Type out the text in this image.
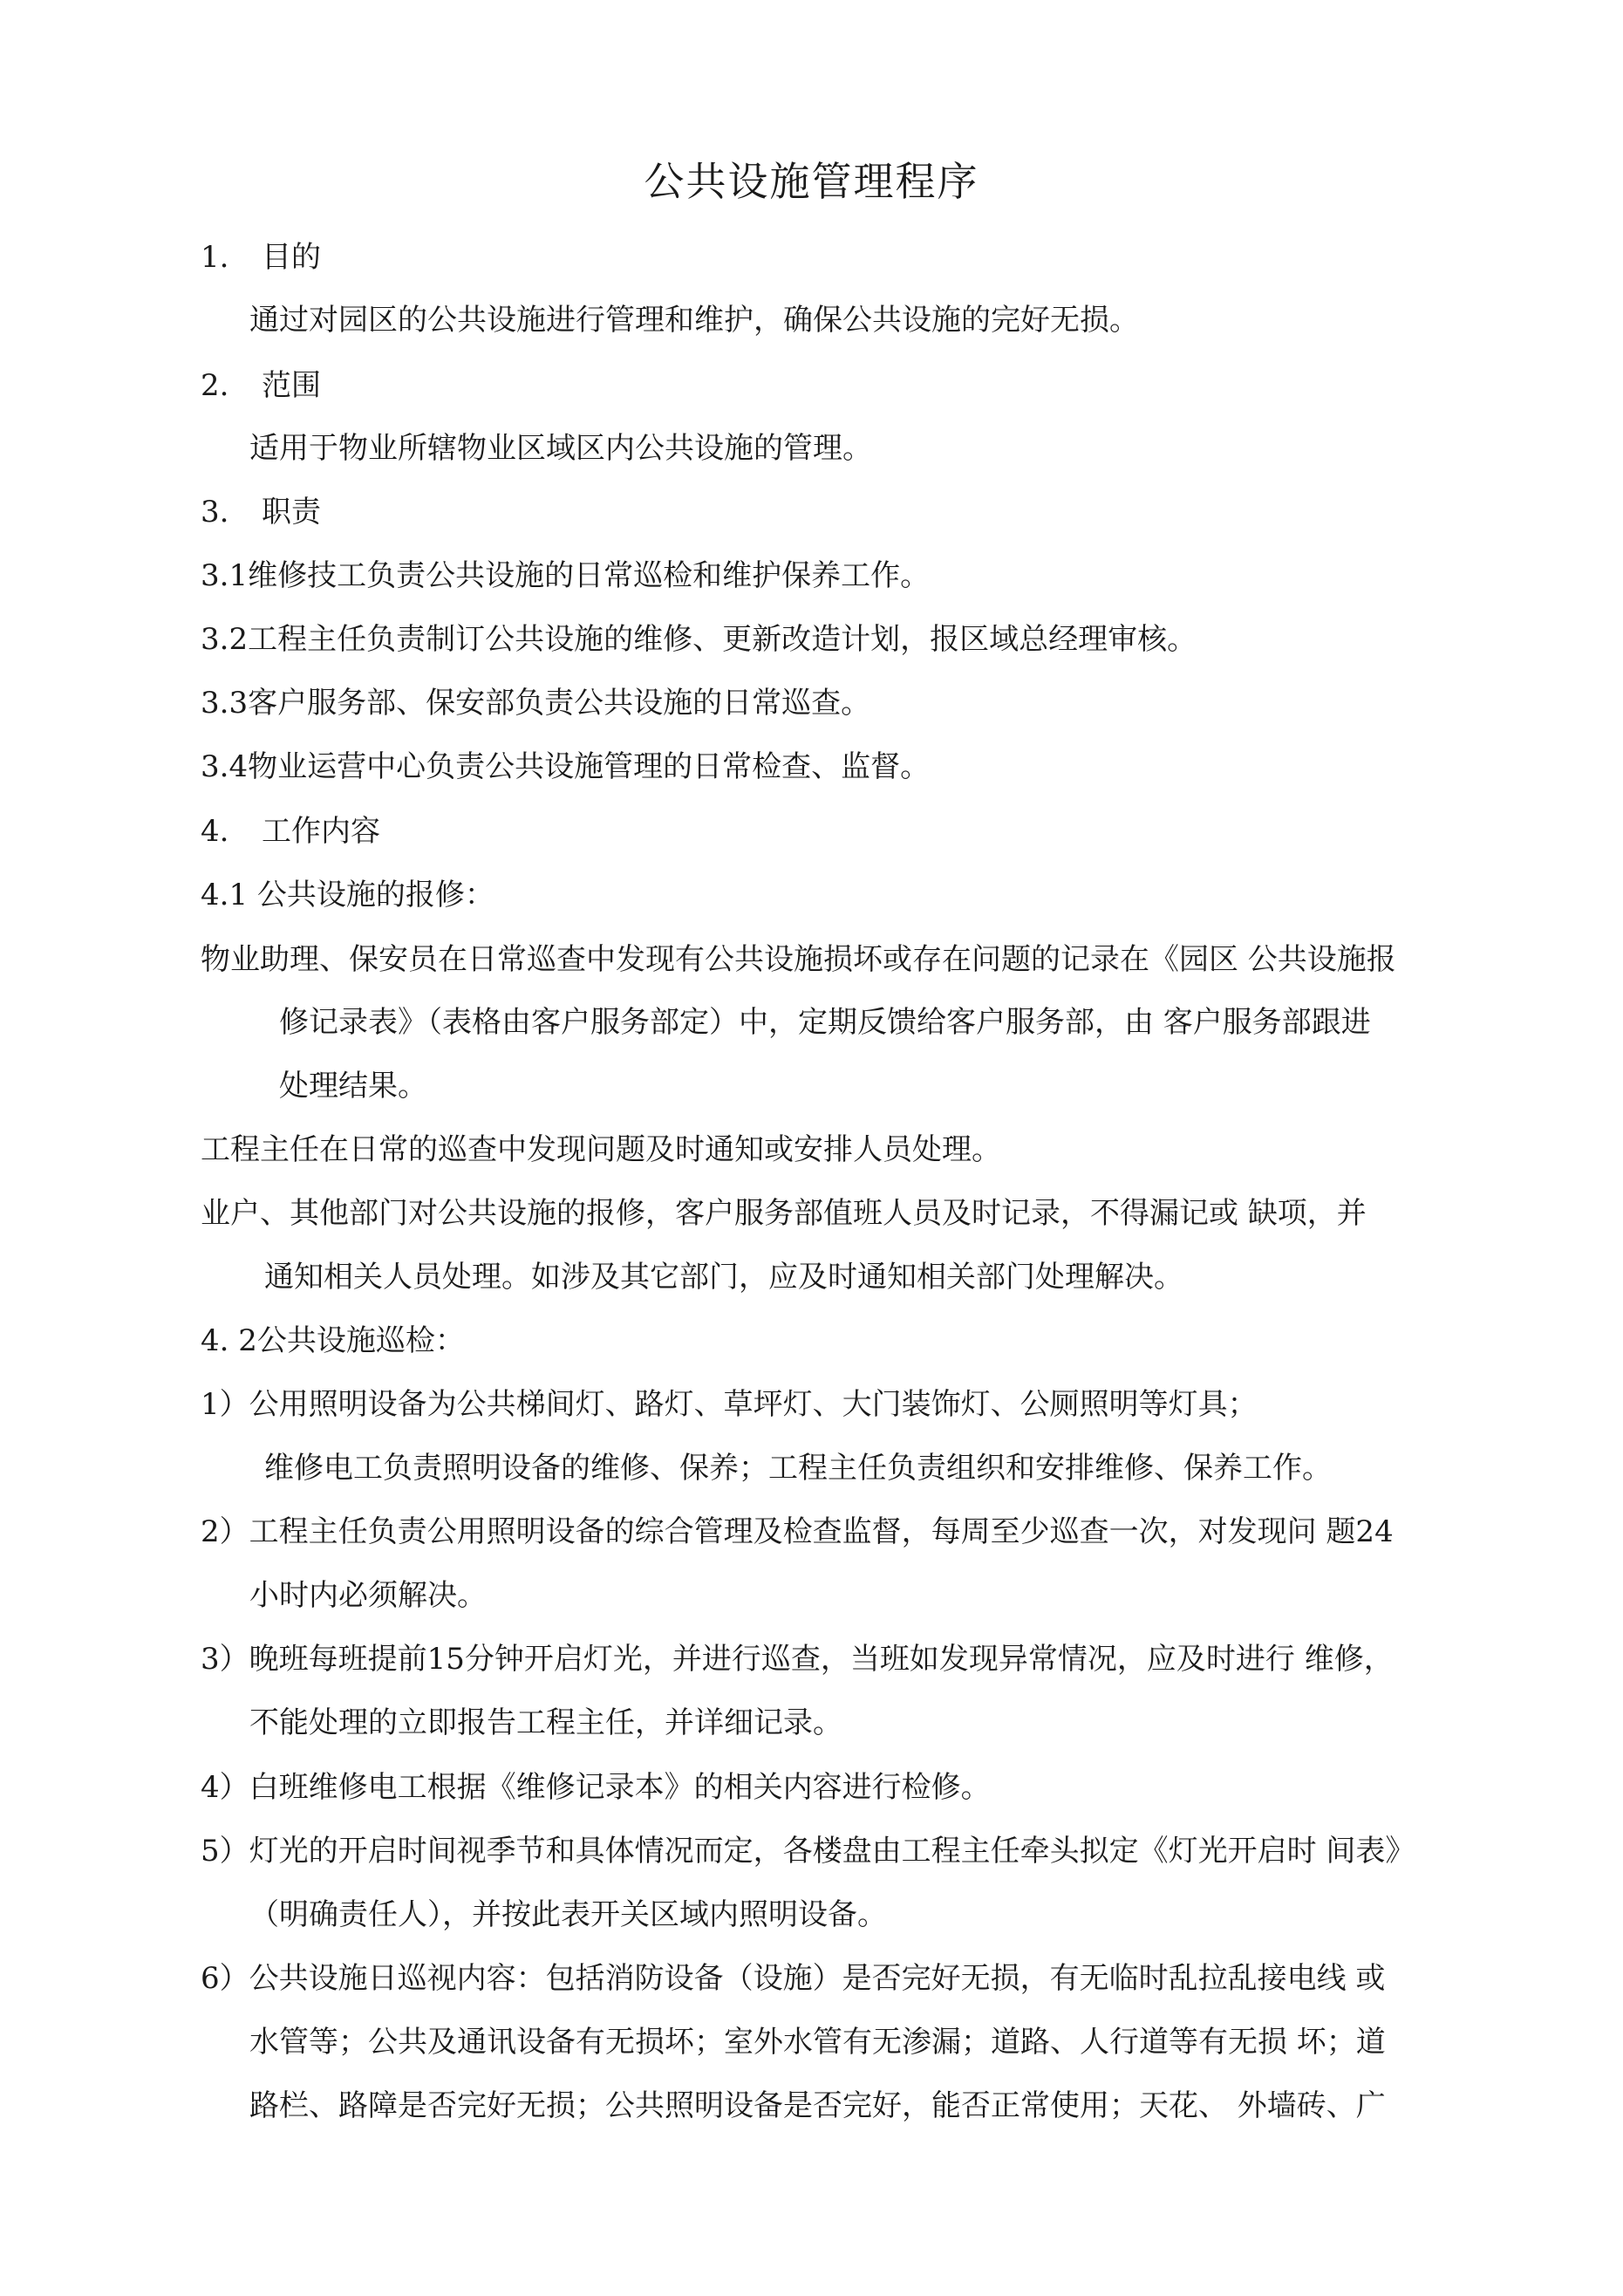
公共设施管理程序
1. 目的
通过对园区的公共设施进行管理和维护，确保公共设施的完好无损。
2. 范围
适用于物业所辖物业区域区内公共设施的管理。
3. 职责
3.1维修技工负责公共设施的日常巡检和维护保养工作。
3.2工程主任负责制订公共设施的维修、更新改造计划，报区域总经理审核。
3.3客户服务部、保安部负责公共设施的日常巡查。
3.4物业运营中心负责公共设施管理的日常检查、监督。
4. 工作内容
4.1 公共设施的报修：
物业助理、保安员在日常巡查中发现有公共设施损坏或存在问题的记录在《园区 公共设施报
修记录表》（表格由客户服务部定）中，定期反馈给客户服务部，由 客户服务部跟进
处理结果。
工程主任在日常的巡查中发现问题及时通知或安排人员处理。
业户、其他部门对公共设施的报修，客户服务部值班人员及时记录，不得漏记或 缺项，并
通知相关人员处理。如涉及其它部门，应及时通知相关部门处理解决。
4. 2公共设施巡检：
1）公用照明设备为公共梯间灯、路灯、草坪灯、大门装饰灯、公厕照明等灯具；
维修电工负责照明设备的维修、保养；工程主任负责组织和安排维修、保养工作。
2）工程主任负责公用照明设备的综合管理及检查监督，每周至少巡查一次，对发现问 题24
小时内必须解决。
3）晚班每班提前15分钟开启灯光，并进行巡查，当班如发现异常情况，应及时进行 维修，
不能处理的立即报告工程主任，并详细记录。
4）白班维修电工根据《维修记录本》的相关内容进行检修。
5）灯光的开启时间视季节和具体情况而定，各楼盘由工程主任牵头拟定《灯光开启时 间表》
（明确责任人），并按此表开关区域内照明设备。
6）公共设施日巡视内容：包括消防设备（设施）是否完好无损，有无临时乱拉乱接电线 或
水管等；公共及通讯设备有无损坏；室外水管有无渗漏；道路、人行道等有无损 坏；道
路栏、路障是否完好无损；公共照明设备是否完好，能否正常使用；天花、 外墙砖、广
